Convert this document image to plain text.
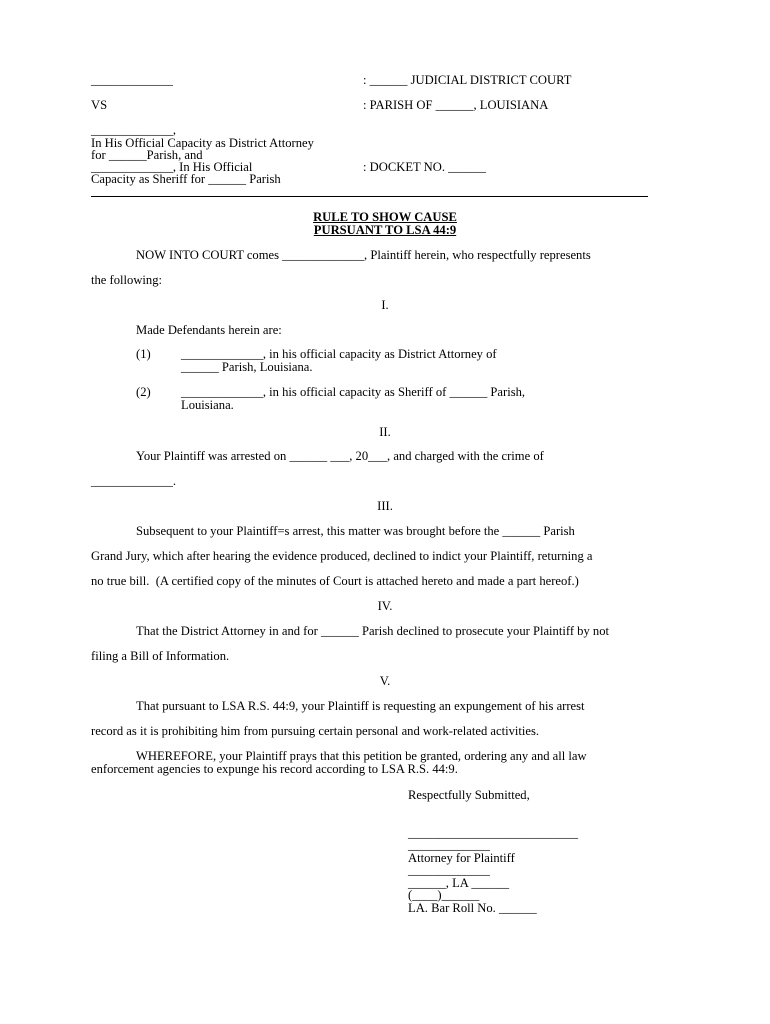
_____________	: ______ JUDICIAL DISTRICT COURT
VS	: PARISH OF ______, LOUISIANA
_____________,
In His Official Capacity as District Attorney
for ______Parish, and
_____________, In His Official
Capacity as Sheriff for ______ Parish
: DOCKET NO. ______
RULE TO SHOW CAUSE
PURSUANT TO LSA 44:9
NOW INTO COURT comes _____________, Plaintiff herein, who respectfully represents
the following:
I.
Made Defendants herein are:
(1) _____________, in his official capacity as District Attorney of
______ Parish, Louisiana.
(2) _____________, in his official capacity as Sheriff of ______ Parish,
Louisiana.
II.
Your Plaintiff was arrested on ______ ___, 20___, and charged with the crime of
_____________.
III.
Subsequent to your Plaintiff=s arrest, this matter was brought before the ______ Parish
Grand Jury, which after hearing the evidence produced, declined to indict your Plaintiff, returning a
no true bill.  (A certified copy of the minutes of Court is attached hereto and made a part hereof.)
IV.
That the District Attorney in and for ______ Parish declined to prosecute your Plaintiff by not
filing a Bill of Information.
V.
That pursuant to LSA R.S. 44:9, your Plaintiff is requesting an expungement of his arrest
record as it is prohibiting him from pursuing certain personal and work-related activities.
WHEREFORE, your Plaintiff prays that this petition be granted, ordering any and all law
enforcement agencies to expunge his record according to LSA R.S. 44:9.
Respectfully Submitted,
___________________________
_____________
Attorney for Plaintiff
_____________
______, LA ______
(____)______
LA. Bar Roll No. ______
